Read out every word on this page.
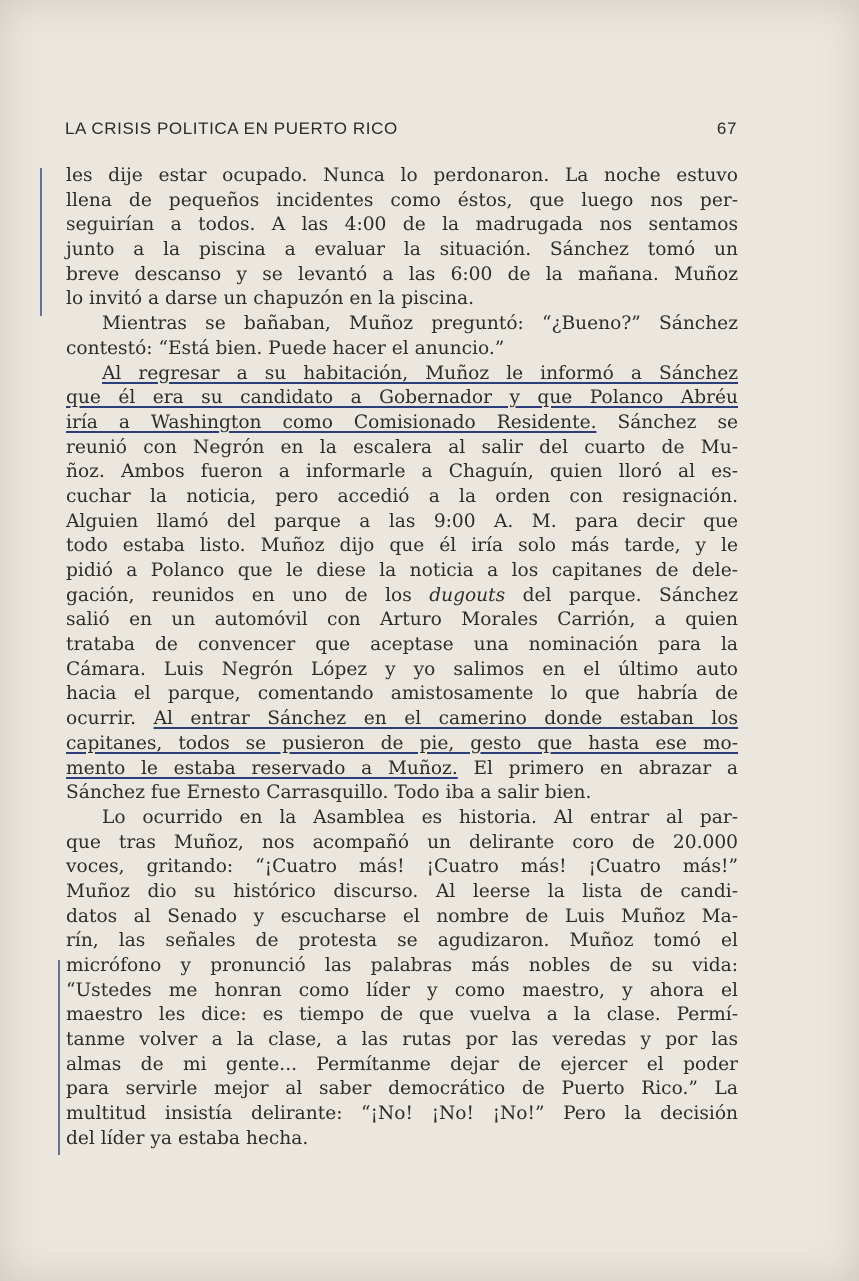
LA CRISIS POLITICA EN PUERTO RICO	67
les dije estar ocupado. Nunca lo perdonaron. La noche estuvo
llena de pequeños incidentes como éstos, que luego nos per-
seguirían a todos. A las 4:00 de la madrugada nos sentamos
junto a la piscina a evaluar la situación. Sánchez tomó un
breve descanso y se levantó a las 6:00 de la mañana. Muñoz
lo invitó a darse un chapuzón en la piscina.
Mientras se bañaban, Muñoz preguntó: “¿Bueno?” Sánchez
contestó: “Está bien. Puede hacer el anuncio.”
Al regresar a su habitación, Muñoz le informó a Sánchez
que él era su candidato a Gobernador y que Polanco Abréu
iría a Washington como Comisionado Residente. Sánchez se
reunió con Negrón en la escalera al salir del cuarto de Mu-
ñoz. Ambos fueron a informarle a Chaguín, quien lloró al es-
cuchar la noticia, pero accedió a la orden con resignación.
Alguien llamó del parque a las 9:00 A. M. para decir que
todo estaba listo. Muñoz dijo que él iría solo más tarde, y le
pidió a Polanco que le diese la noticia a los capitanes de dele-
gación, reunidos en uno de los dugouts del parque. Sánchez
salió en un automóvil con Arturo Morales Carrión, a quien
trataba de convencer que aceptase una nominación para la
Cámara. Luis Negrón López y yo salimos en el último auto
hacia el parque, comentando amistosamente lo que habría de
ocurrir. Al entrar Sánchez en el camerino donde estaban los
capitanes, todos se pusieron de pie, gesto que hasta ese mo-
mento le estaba reservado a Muñoz. El primero en abrazar a
Sánchez fue Ernesto Carrasquillo. Todo iba a salir bien.
Lo ocurrido en la Asamblea es historia. Al entrar al par-
que tras Muñoz, nos acompañó un delirante coro de 20.000
voces, gritando: “¡Cuatro más! ¡Cuatro más! ¡Cuatro más!”
Muñoz dio su histórico discurso. Al leerse la lista de candi-
datos al Senado y escucharse el nombre de Luis Muñoz Ma-
rín, las señales de protesta se agudizaron. Muñoz tomó el
micrófono y pronunció las palabras más nobles de su vida:
“Ustedes me honran como líder y como maestro, y ahora el
maestro les dice: es tiempo de que vuelva a la clase. Permí-
tanme volver a la clase, a las rutas por las veredas y por las
almas de mi gente... Permítanme dejar de ejercer el poder
para servirle mejor al saber democrático de Puerto Rico.” La
multitud insistía delirante: “¡No! ¡No! ¡No!” Pero la decisión
del líder ya estaba hecha.
